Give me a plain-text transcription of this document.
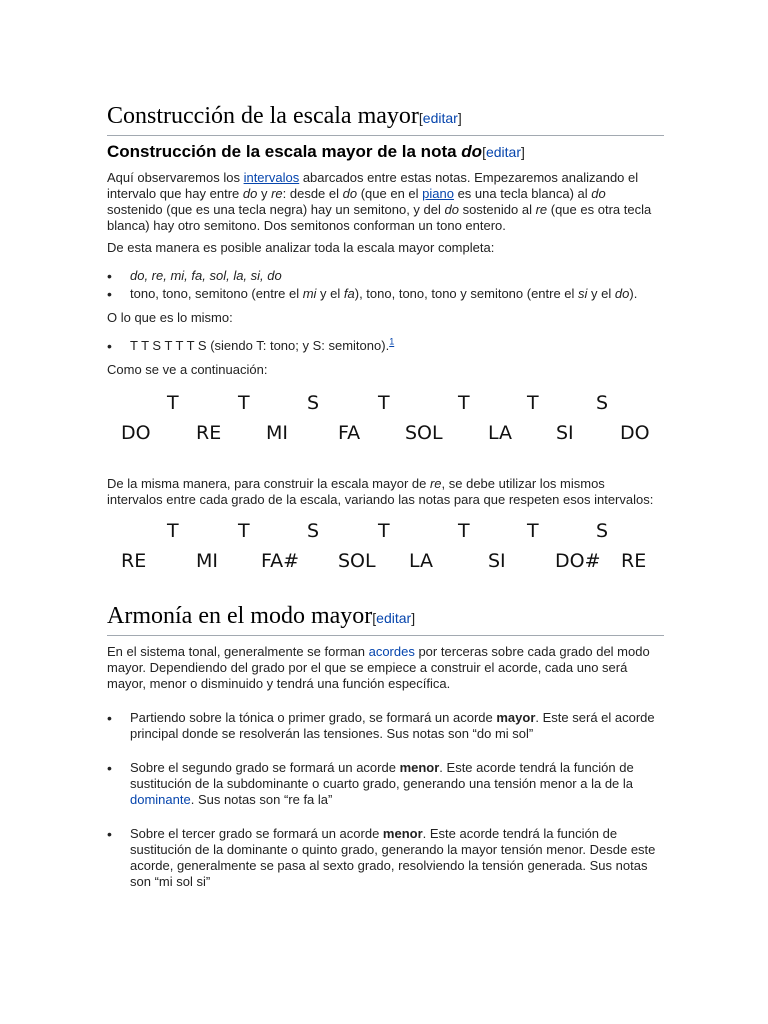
Construcción de la escala mayor[editar]
Construcción de la escala mayor de la nota do[editar]

Aquí observaremos los intervalos abarcados entre estas notas. Empezaremos analizando el intervalo que hay entre do y re: desde el do (que en el piano es una tecla blanca) al do sostenido (que es una tecla negra) hay un semitono, y del do sostenido al re (que es otra tecla blanca) hay otro semitono. Dos semitonos conforman un tono entero.

De esta manera es posible analizar toda la escala mayor completa:

• do, re, mi, fa, sol, la, si, do
• tono, tono, semitono (entre el mi y el fa), tono, tono, tono y semitono (entre el si y el do).

O lo que es lo mismo:

• T T S T T T S (siendo T: tono; y S: semitono).$^1$

Como se ve a continuación:

T	T	S	T	T	T	S
DO RE MI	FA SOL LA SI DO

De la misma manera, para construir la escala mayor de re, se debe utilizar los mismos intervalos entre cada grado de la escala, variando las notas para que respeten esos intervalos:

T	T	S	T	T	T	S
RE	MI FA# SOL LA	SI	DO# RE
Armonía en el modo mayor[editar]

En el sistema tonal, generalmente se forman acordes por terceras sobre cada grado del modo mayor. Dependiendo del grado por el que se empiece a construir el acorde, cada uno será mayor, menor o disminuido y tendrá una función específica.

• Partiendo sobre la tónica o primer grado, se formará un acorde mayor. Este será el acorde principal donde se resolverán las tensiones. Sus notas son “do mi sol”
• Sobre el segundo grado se formará un acorde menor. Este acorde tendrá la función de sustitución de la subdominante o cuarto grado, generando una tensión menor a la de la dominante. Sus notas son “re fa la”
• Sobre el tercer grado se formará un acorde menor. Este acorde tendrá la función de sustitución de la dominante o quinto grado, generando la mayor tensión menor. Desde este acorde, generalmente se pasa al sexto grado, resolviendo la tensión generada. Sus notas son “mi sol si”
